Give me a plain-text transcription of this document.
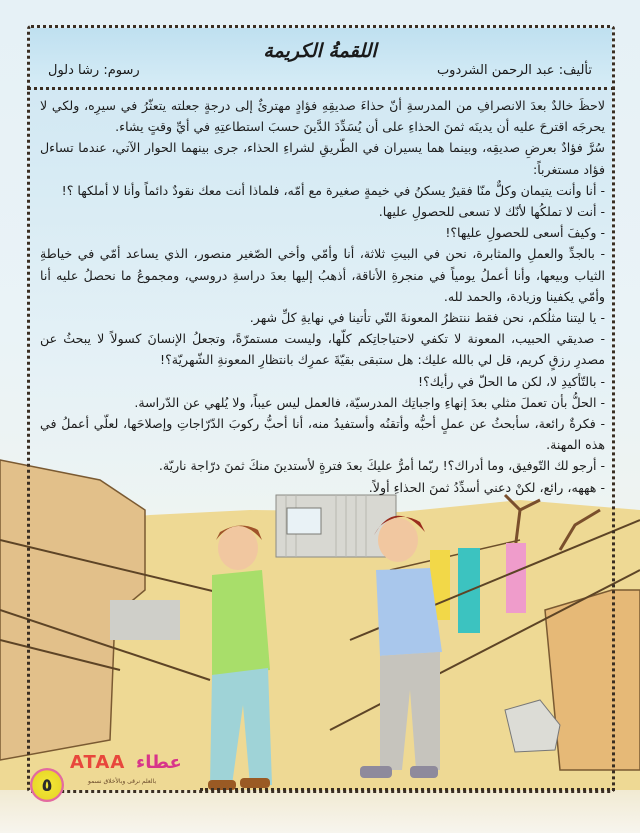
اللقمةُ الكريمة
تأليف: عبد الرحمن الشردوب
رسوم: رشا دلول

لاحظَ خالدٌ بعدَ الانصرافِ من المدرسةِ أنّ حذاءَ صديقِهِ فؤادٍ مهترئٌ إلى درجةٍ جعلته يتعثّرُ في سيرِه، ولكي لا يحرجَه اقترحَ عليه أن يدينَه ثمنَ الحذاءِ على أن يُسَدِّدَ الدَّينَ حسبَ استطاعتِهِ في أيِّ وقتٍ يشاء.

سُرَّ فؤادٌ بعرضِ صديقِه، وبينما هما يسيران في الطّريقِ لشراءِ الحذاء، جرى بينهما الحوار الآتي، عندما تساءل فؤاد مستغرباً:

- أنا وأنت يتيمان وكلٌّ منّا فقيرٌ يسكنُ في خيمةٍ صغيرة مع أمّه، فلماذا أنت معك نقودٌ دائماً وأنا لا أملكها ؟!

- أنت لا تملكُها لأنّك لا تسعى للحصولِ عليها.

- وكيفَ أسعى للحصولِ عليها؟!

- بالجدِّ والعملِ والمثابرة، نحن في البيتِ ثلاثة، أنا وأمّي وأخي الصّغير منصور، الذي يساعد أمّي في خياطةِ الثياب وبيعها، وأنا أعملُ يومياً في منجرةِ الأناقة، أذهبُ إليها بعدَ دراسةِ دروسي، ومجموعُ ما نحصلُ عليه أنا وأمّي يكفينا وزيادة، والحمد لله.

- يا ليتنا مثلُكم، نحن فقط ننتظرُ المعونةَ التّي تأتينا في نهايةِ كلِّ شهر.

- صديقي الحبيب، المعونة لا تكفي لاحتياجاتِكم كلّها، وليست مستمرّةً، وتجعلُ الإنسانَ كسولاً لا يبحثُ عن مصدرِ رزقٍ كريم، قل لي بالله عليك: هل ستبقى بقيّةَ عمرِك بانتظارِ المعونةِ الشّهريّة؟!

- بالتّأكيدِ لا، لكن ما الحلّ في رأيك؟!

- الحلُّ بأن تعملَ مثلي بعدَ إنهاءِ واجباتِك المدرسيّة، فالعمل ليس عيباً، ولا يُلهي عن الدّراسة.

- فكرةٌ رائعة، سأبحثُ عن عملٍ أحبُّه وأتقنُه وأستفيدُ منه، أنا أحبُّ ركوبَ الدّرّاجاتِ وإصلاحَها، لعلّي أعملُ في هذه المهنة.

- أرجو لك التّوفيق، وما أدراك؟! ربّما أمرُّ عليكَ بعدَ فترةٍ لأستدينَ منكَ ثمنَ درّاجة ناريّة.

- هههه، رائع، لكنْ دعني أسدِّدُ ثمنَ الحذاءِ أولاً.

٥
ATAA عطاء
بالعلم نرقى وبالأخلاق نسمو
